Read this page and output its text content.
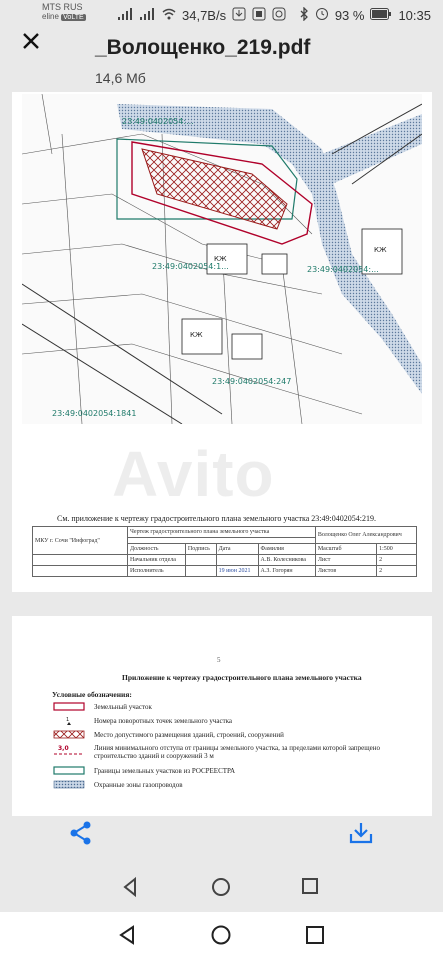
MTS RUS
eline VoLTE	34,7B/s	93 %	10:35
_Волощенко_219.pdf
14,6 Мб
23:49:0402054:...
23:49:0402054:1...	23:49:0402054:...
23:49:0402054:1841
23:49:0402054:247
КЖ
КЖ
КЖ
Avito
См. приложение к чертежу градостроительного плана земельного участка 23:49:0402054:219.
МКУ г. Сочи "Инфоград"	Чертеж градостроительного плана земельного участка				Волощенко Олег Александрович	

	Должность	Подпись	Дата	Фамилия	Масштаб	1:500
	Начальник отдела			А.В. Колесникова	Лист	2
	Исполнитель		19 июн 2021	А.З. Гогорян	Листов	2
5
Приложение к чертежу градостроительного плана земельного участка
Условные обозначения:
Земельный участок
1	Номера поворотных точек земельного участка
Место допустимого размещения зданий, строений, сооружений
3,0	Линия минимального отступа от границы земельного участка, за пределами которой запрещено строительство зданий и сооружений 3 м
Границы земельных участков из РОСРЕЕСТРА
Охранные зоны газопроводов
